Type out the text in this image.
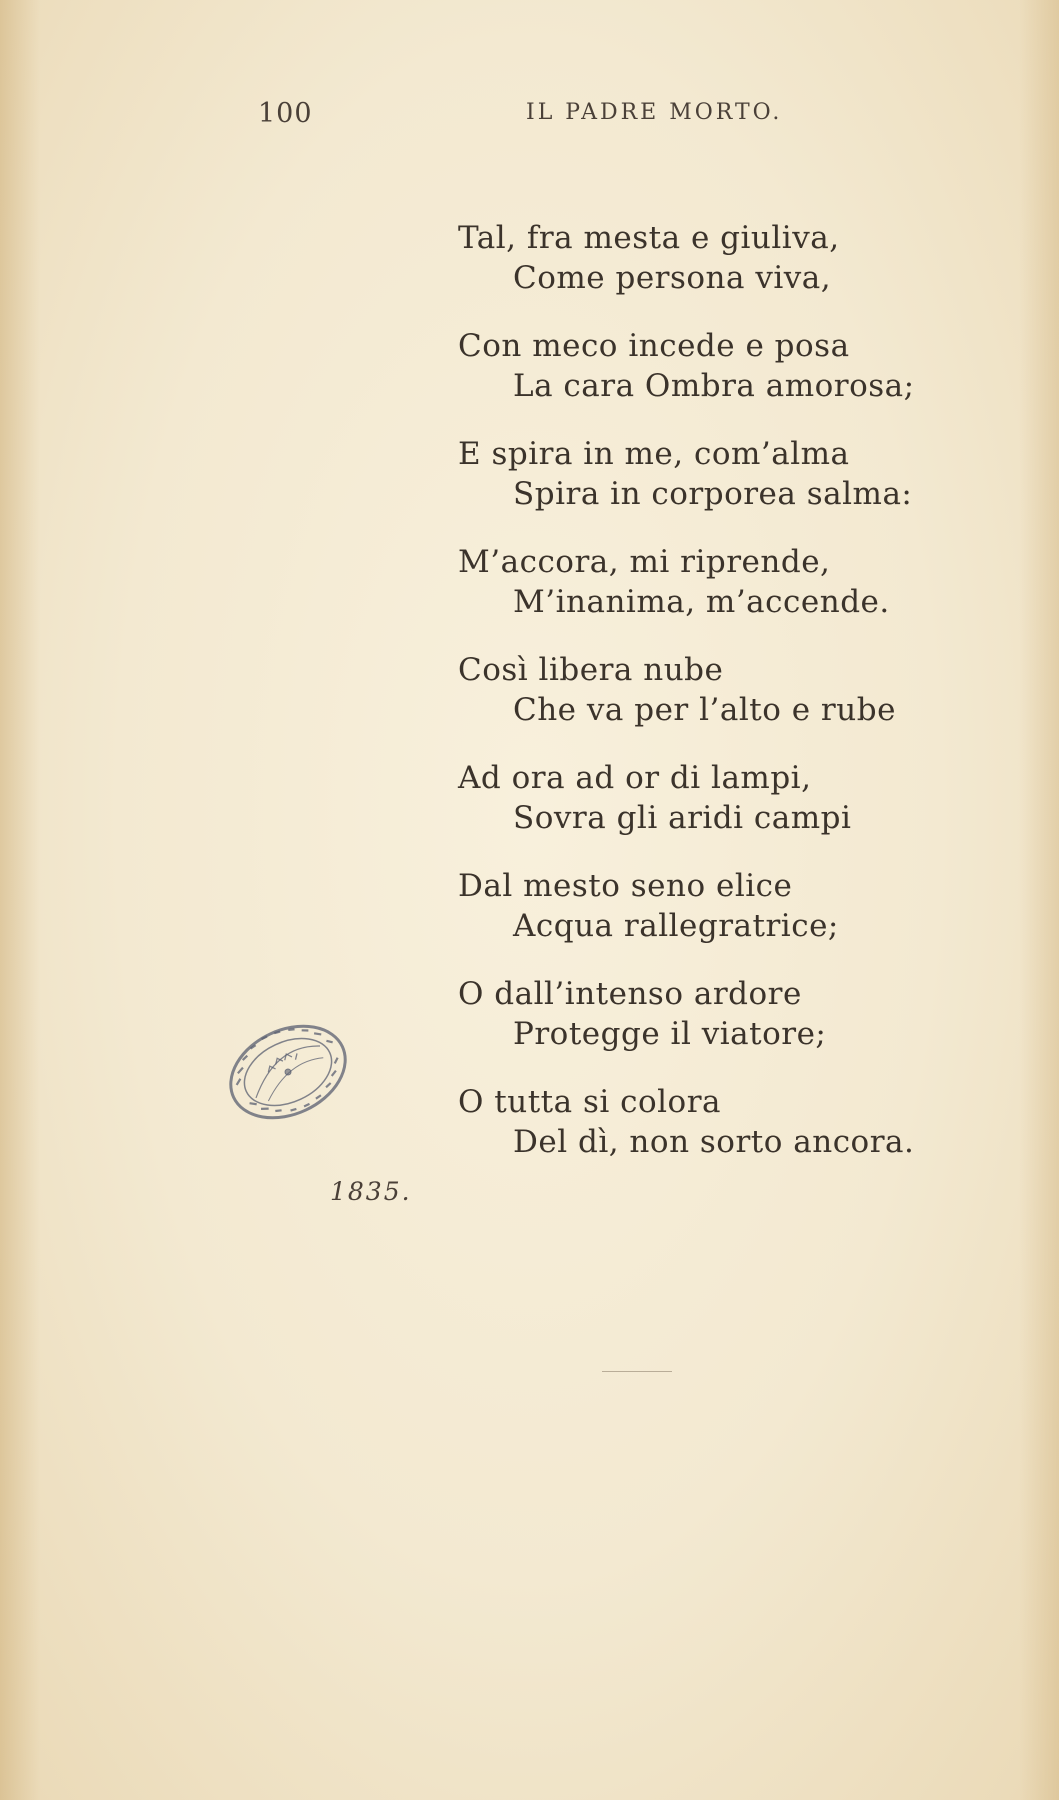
100	IL PADRE MORTO.
Tal, fra mesta e giuliva,
Come persona viva,
Con meco incede e posa
La cara Ombra amorosa;
E spira in me, com’alma
Spira in corporea salma:
M’accora, mi riprende,
M’inanima, m’accende.
Così libera nube
Che va per l’alto e rube
Ad ora ad or di lampi,
Sovra gli aridi campi
Dal mesto seno elice
Acqua rallegratrice;
O dall’intenso ardore
Protegge il viatore;
O tutta si colora
Del dì, non sorto ancora.
1835.
